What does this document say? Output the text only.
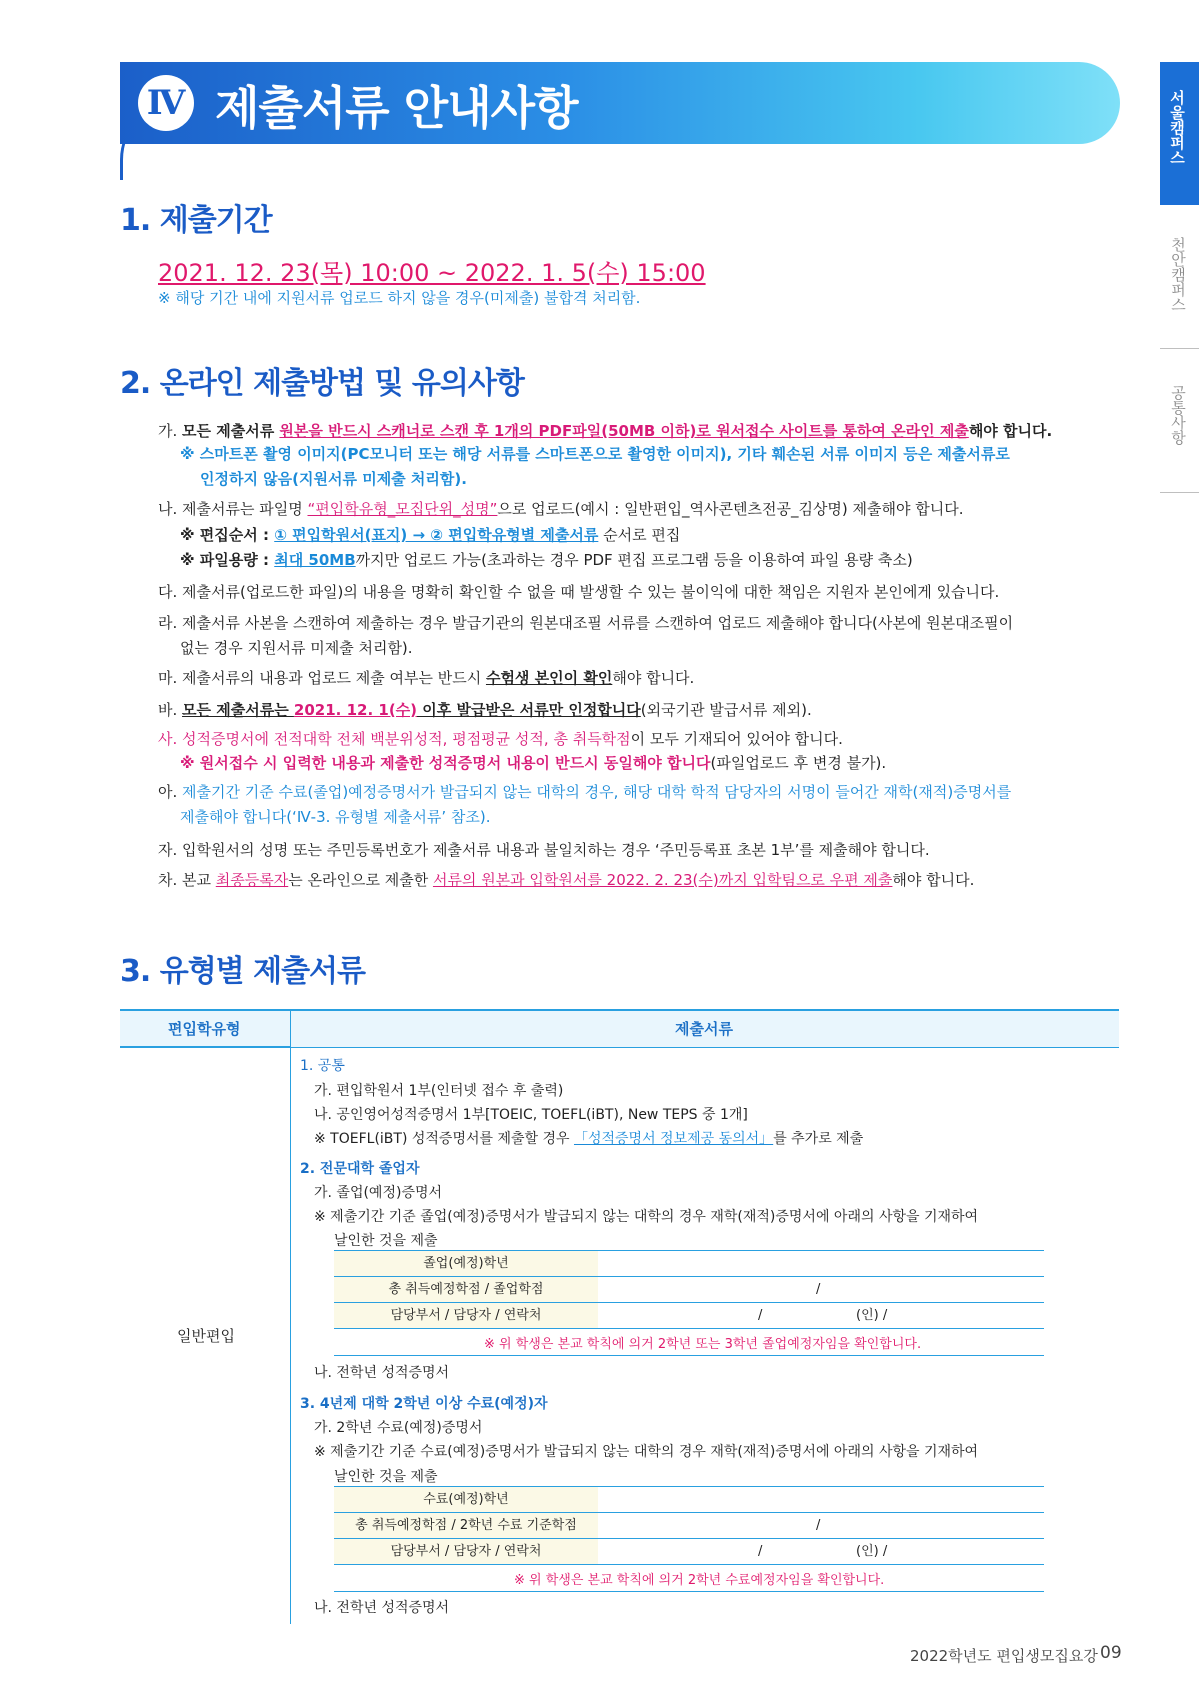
Ⅳ 제출서류 안내사항	서울캠퍼스
천안캠퍼스
공통사항
1. 제출기간
2021. 12. 23(목) 10:00 ~ 2022. 1. 5(수) 15:00
※ 해당 기간 내에 지원서류 업로드 하지 않을 경우(미제출) 불합격 처리함.
2. 온라인 제출방법 및 유의사항
가. 모든 제출서류 원본을 반드시 스캐너로 스캔 후 1개의 PDF파일(50MB 이하)로 원서접수 사이트를 통하여 온라인 제출해야 합니다.
※ 스마트폰 촬영 이미지(PC모니터 또는 해당 서류를 스마트폰으로 촬영한 이미지), 기타 훼손된 서류 이미지 등은 제출서류로
인정하지 않음(지원서류 미제출 처리함).
나. 제출서류는 파일명 “편입학유형_모집단위_성명”으로 업로드(예시 : 일반편입_역사콘텐츠전공_김상명) 제출해야 합니다.
※ 편집순서 : ① 편입학원서(표지) → ② 편입학유형별 제출서류 순서로 편집
※ 파일용량 : 최대 50MB까지만 업로드 가능(초과하는 경우 PDF 편집 프로그램 등을 이용하여 파일 용량 축소)
다. 제출서류(업로드한 파일)의 내용을 명확히 확인할 수 없을 때 발생할 수 있는 불이익에 대한 책임은 지원자 본인에게 있습니다.
라. 제출서류 사본을 스캔하여 제출하는 경우 발급기관의 원본대조필 서류를 스캔하여 업로드 제출해야 합니다(사본에 원본대조필이
없는 경우 지원서류 미제출 처리함).
마. 제출서류의 내용과 업로드 제출 여부는 반드시 수험생 본인이 확인해야 합니다.
바. 모든 제출서류는 2021. 12. 1(수) 이후 발급받은 서류만 인정합니다(외국기관 발급서류 제외).
사. 성적증명서에 전적대학 전체 백분위성적, 평점평균 성적, 총 취득학점이 모두 기재되어 있어야 합니다.
※ 원서접수 시 입력한 내용과 제출한 성적증명서 내용이 반드시 동일해야 합니다(파일업로드 후 변경 불가).
아. 제출기간 기준 수료(졸업)예정증명서가 발급되지 않는 대학의 경우, 해당 대학 학적 담당자의 서명이 들어간 재학(재적)증명서를
제출해야 합니다(‘Ⅳ-3. 유형별 제출서류’ 참조).
자. 입학원서의 성명 또는 주민등록번호가 제출서류 내용과 불일치하는 경우 ‘주민등록표 초본 1부’를 제출해야 합니다.
차. 본교 최종등록자는 온라인으로 제출한 서류의 원본과 입학원서를 2022. 2. 23(수)까지 입학팀으로 우편 제출해야 합니다.
3. 유형별 제출서류
편입학유형	제출서류
일반편입
1. 공통
가. 편입학원서 1부(인터넷 접수 후 출력)
나. 공인영어성적증명서 1부[TOEIC, TOEFL(iBT), New TEPS 중 1개]
※ TOEFL(iBT) 성적증명서를 제출할 경우 「성적증명서 정보제공 동의서」를 추가로 제출
2. 전문대학 졸업자
가. 졸업(예정)증명서
※ 제출기간 기준 졸업(예정)증명서가 발급되지 않는 대학의 경우 재학(재적)증명서에 아래의 사항을 기재하여
날인한 것을 제출
졸업(예정)학년
총 취득예정학점 / 졸업학점	/
담당부서 / 담당자 / 연락처	/	(인) /
※ 위 학생은 본교 학칙에 의거 2학년 또는 3학년 졸업예정자임을 확인합니다.
나. 전학년 성적증명서
3. 4년제 대학 2학년 이상 수료(예정)자
가. 2학년 수료(예정)증명서
※ 제출기간 기준 수료(예정)증명서가 발급되지 않는 대학의 경우 재학(재적)증명서에 아래의 사항을 기재하여
날인한 것을 제출
수료(예정)학년
총 취득예정학점 / 2학년 수료 기준학점	/
담당부서 / 담당자 / 연락처	/	(인) /
※ 위 학생은 본교 학칙에 의거 2학년 수료예정자임을 확인합니다.
나. 전학년 성적증명서
2022학년도 편입생모집요강 09
